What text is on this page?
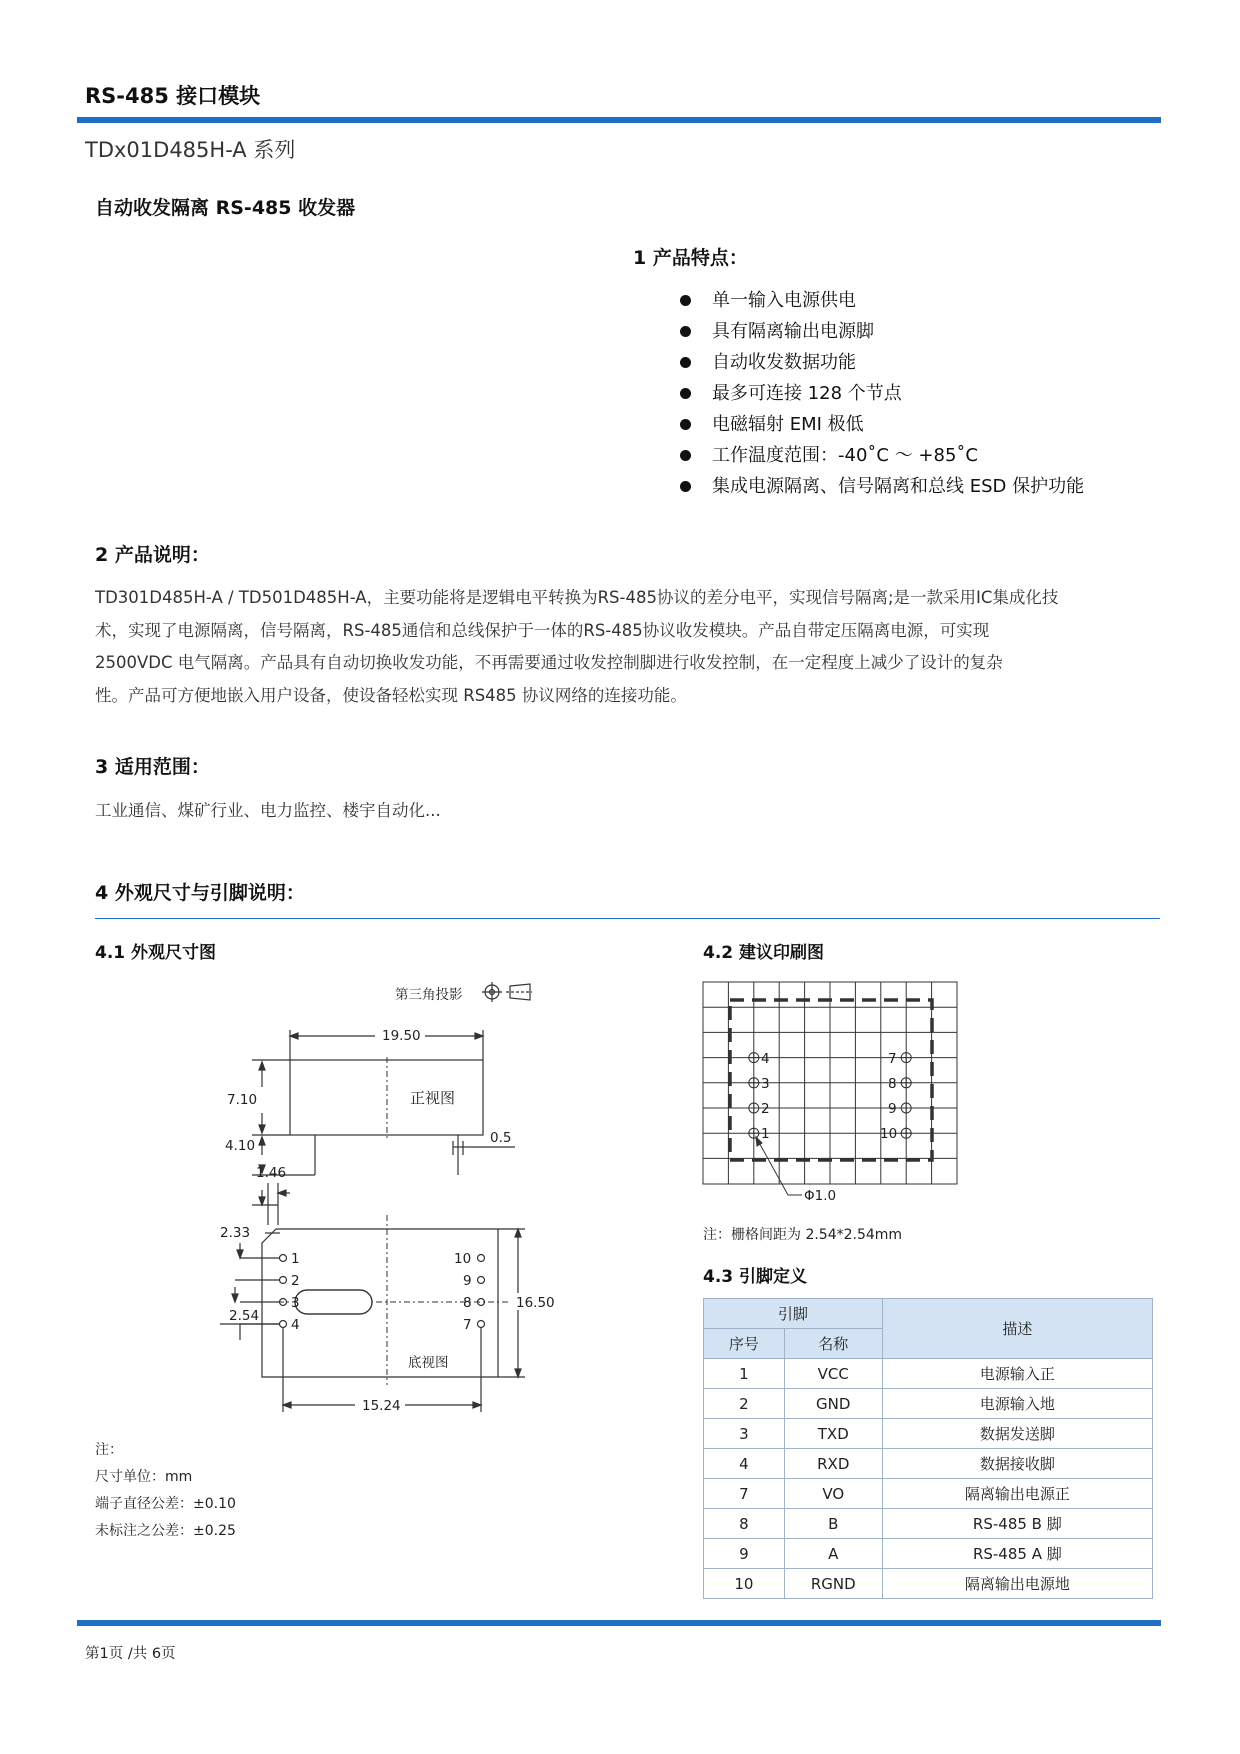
RS-485 接口模块
TDx01D485H-A 系列
自动收发隔离 RS-485 收发器
1 产品特点：
单一输入电源供电
具有隔离输出电源脚
自动收发数据功能
最多可连接 128 个节点
电磁辐射 EMI 极低
工作温度范围：-40˚C ～ +85˚C
集成电源隔离、信号隔离和总线 ESD 保护功能
2 产品说明：
TD301D485H-A / TD501D485H-A，主要功能将是逻辑电平转换为RS-485协议的差分电平，实现信号隔离;是一款采用IC集成化技
术，实现了电源隔离，信号隔离，RS-485通信和总线保护于一体的RS-485协议收发模块。产品自带定压隔离电源，可实现
2500VDC 电气隔离。产品具有自动切换收发功能，不再需要通过收发控制脚进行收发控制，在一定程度上减少了设计的复杂
性。产品可方便地嵌入用户设备，使设备轻松实现 RS485 协议网络的连接功能。
3 适用范围：
工业通信、煤矿行业、电力监控、楼宇自动化...
4 外观尺寸与引脚说明：
4.1 外观尺寸图
第三角投影
19.50
正视图
7.10
4.10	0.5
1.46
2.33
1
2
3
4
10
9
8
7
底视图
2.54
16.50
15.24
注：
尺寸单位：mm
端子直径公差：±0.10
未标注之公差：±0.25
4.2 建议印刷图
4
3
2
1
7
8
9
10
Φ1.0
注：栅格间距为 2.54*2.54mm
4.3 引脚定义
引脚		描述
序号	名称	
1	VCC	电源输入正
2	GND	电源输入地
3	TXD	数据发送脚
4	RXD	数据接收脚
7	VO	隔离输出电源正
8	B	RS-485 B 脚
9	A	RS-485 A 脚
10	RGND	隔离输出电源地
第1页 /共 6页
